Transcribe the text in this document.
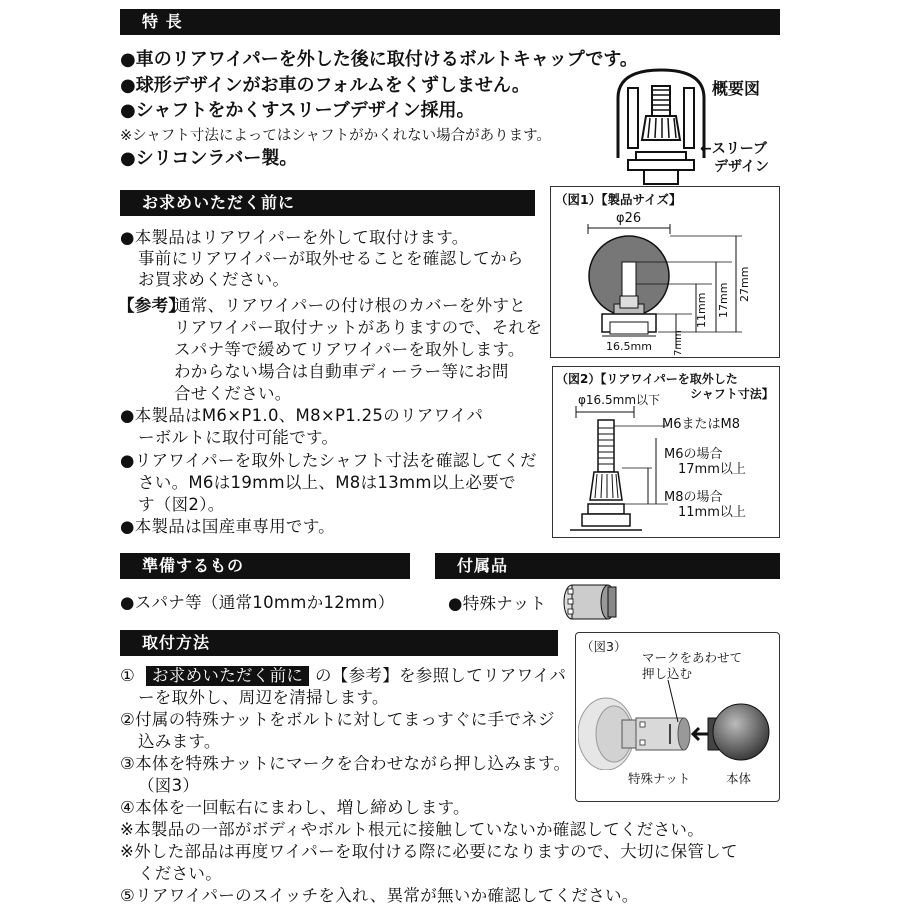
特 長
●車のリアワイパーを外した後に取付けるボルトキャップです。
●球形デザインがお車のフォルムをくずしません。
●シャフトをかくすスリーブデザイン採用。
※シャフト寸法によってはシャフトがかくれない場合があります。
●シリコンラバー製。
概要図
←スリーブ
デザイン
お求めいただく前に
●本製品はリアワイパーを外して取付けます。
事前にリアワイパーが取外せることを確認してから
お買求めください。
【参考】
通常、リアワイパーの付け根のカバーを外すと
リアワイパー取付ナットがありますので、それを
スパナ等で緩めてリアワイパーを取外します。
わからない場合は自動車ディーラー等にお問
合せください。
●本製品はM6×P1.0、M8×P1.25のリアワイパ
ーボルトに取付可能です。
●リアワイパーを取外したシャフト寸法を確認してくだ
さい。M6は19mm以上、M8は13mm以上必要で
す（図2）。
●本製品は国産車専用です。
（図1）【製品サイズ】
φ26
27mm
17mm
11mm
16.5mm 7mm
（図2）【リアワイパーを取外した
シャフト寸法】
φ16.5mm以下
M6またはM8
M6の場合
17mm以上
M8の場合
11mm以上
準備するもの
●スパナ等（通常10mmか12mm）
付属品
●特殊ナット
取付方法
①	お求めいただく前に の【参考】を参照してリアワイパ
ーを取外し、周辺を清掃します。
②付属の特殊ナットをボルトに対してまっすぐに手でネジ
込みます。
③本体を特殊ナットにマークを合わせながら押し込みます。
（図3）
④本体を一回転右にまわし、増し締めします。
※本製品の一部がボディやボルト根元に接触していないか確認してください。
※外した部品は再度ワイパーを取付ける際に必要になりますので、大切に保管して
ください。
⑤リアワイパーのスイッチを入れ、異常が無いか確認してください。
（図3）
マークをあわせて
押し込む
特殊ナット	本体
